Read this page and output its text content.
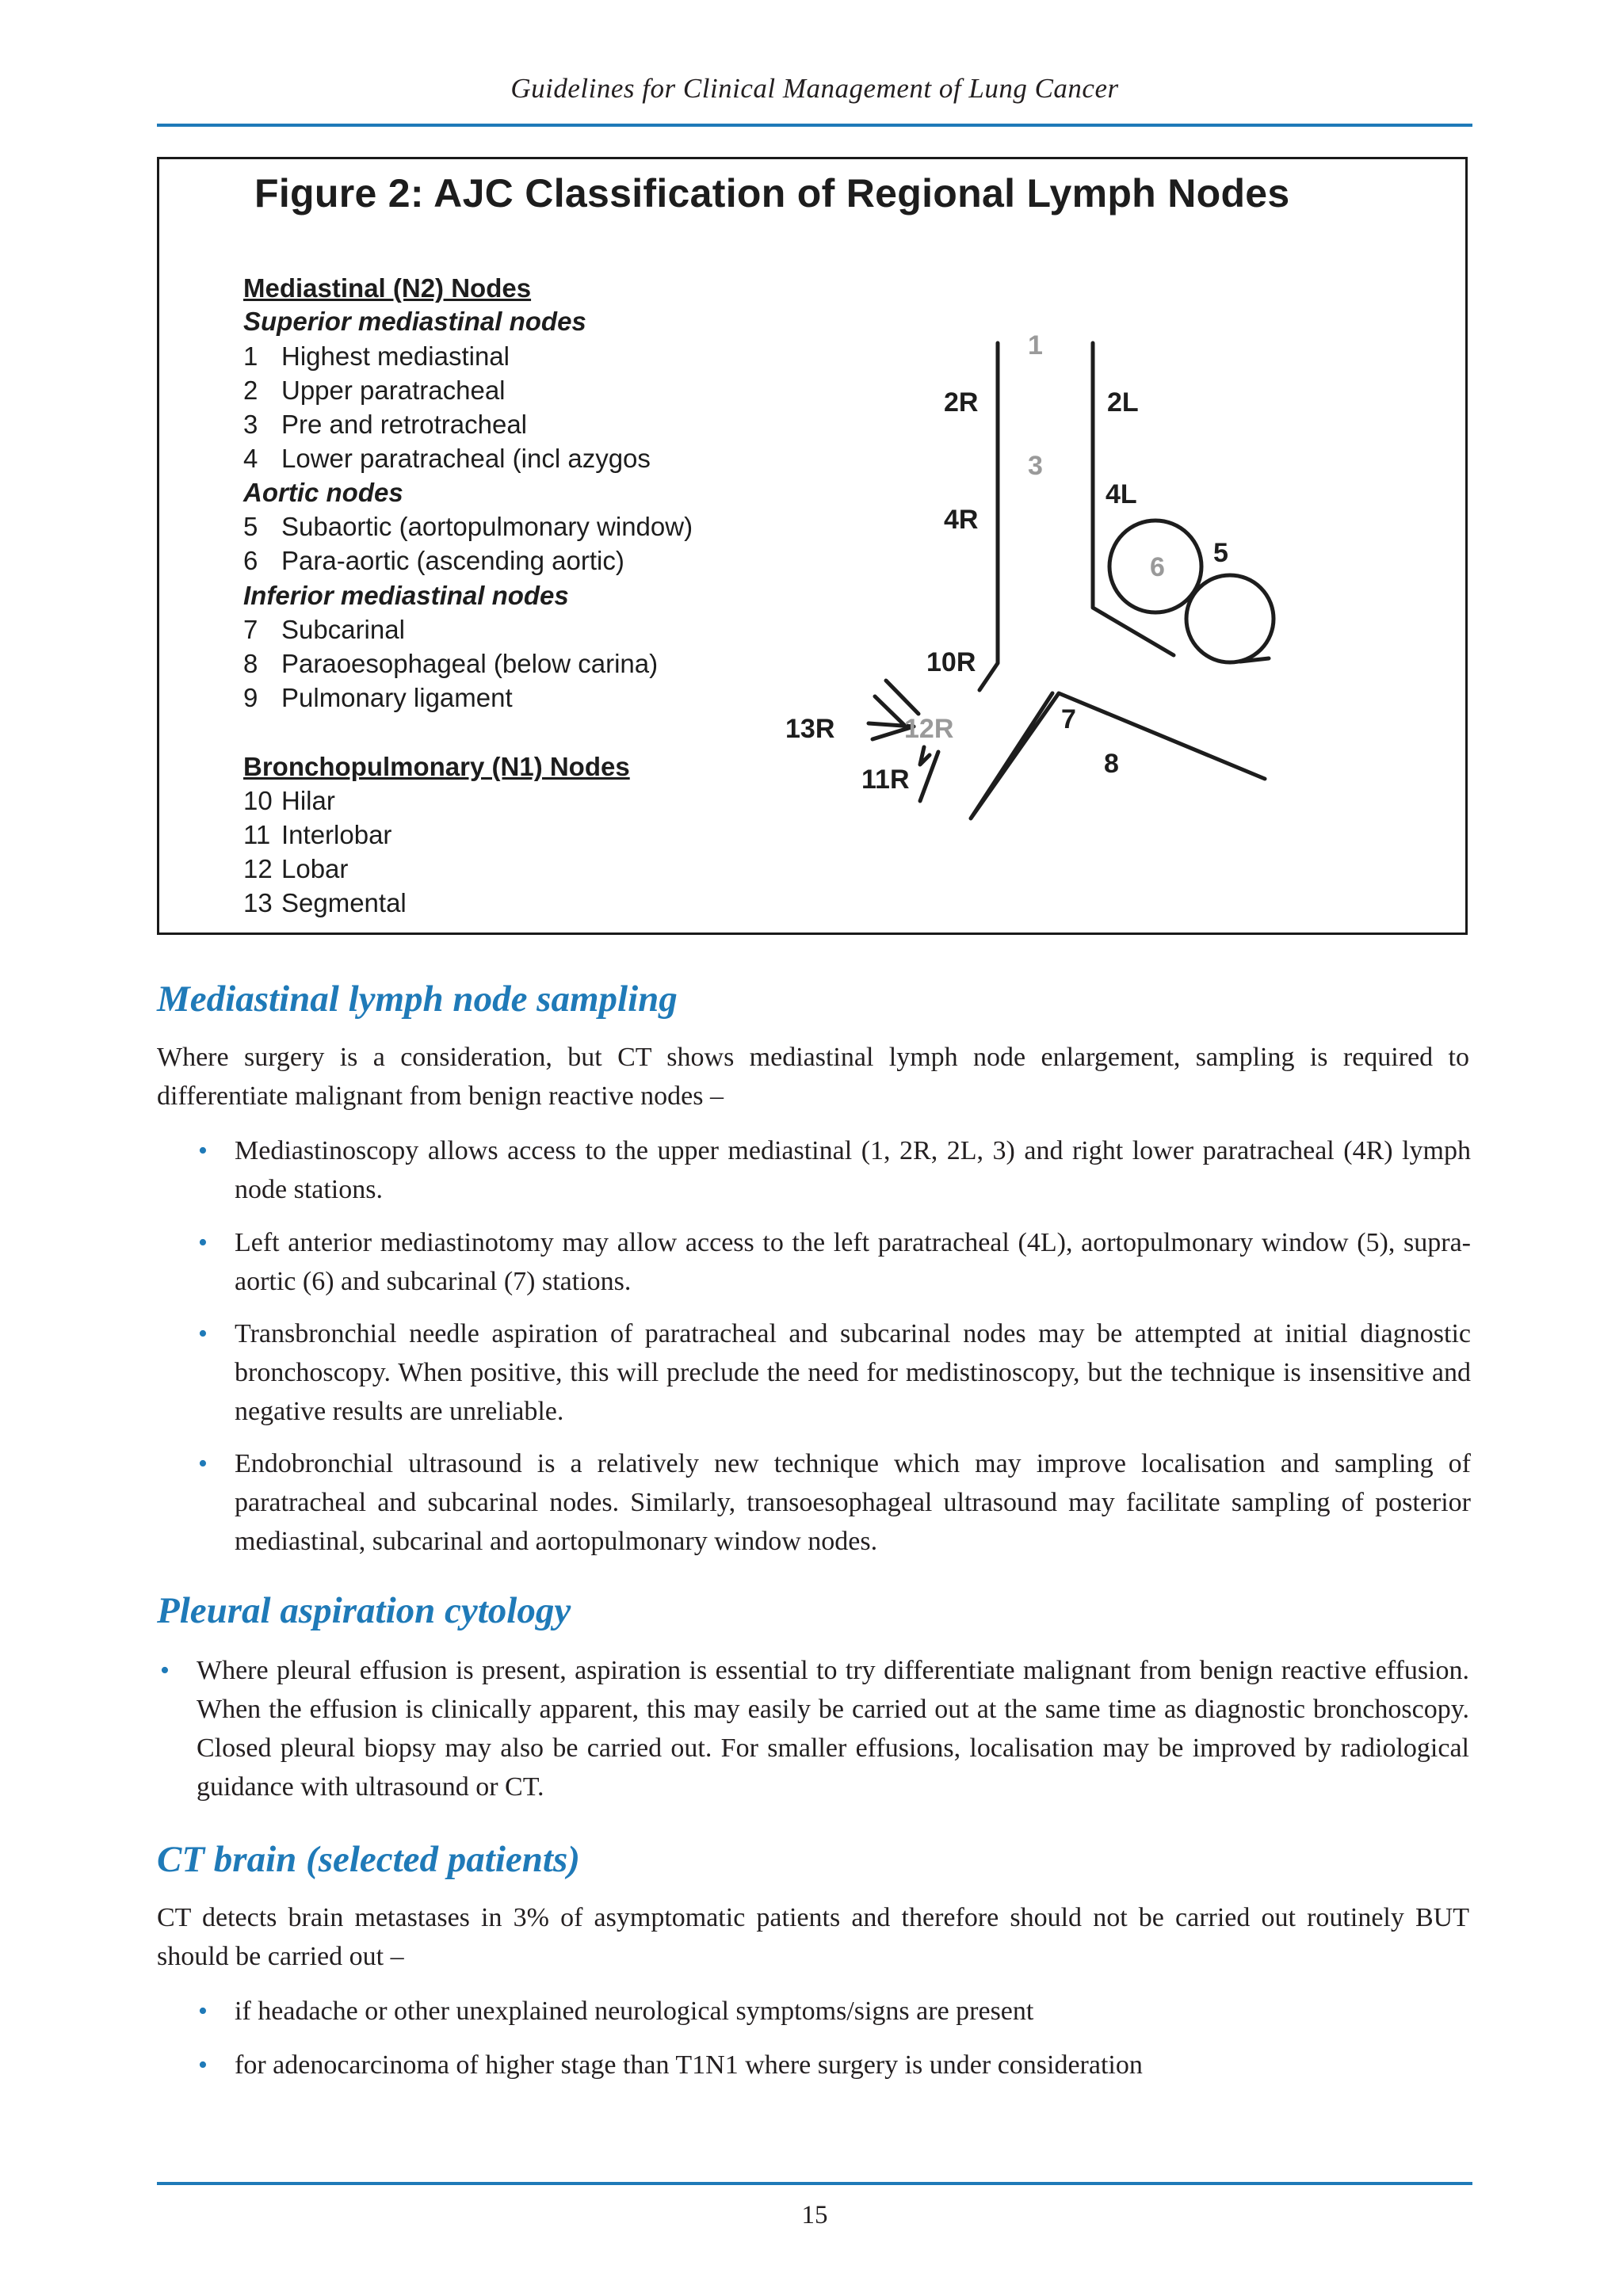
Guidelines for Clinical Management of Lung Cancer
Figure 2: AJC Classification of Regional Lymph Nodes
Mediastinal (N2) Nodes
Superior mediastinal nodes
1 Highest mediastinal
2 Upper paratracheal
3 Pre and retrotracheal
4 Lower paratracheal (incl azygos
Aortic nodes
5 Subaortic (aortopulmonary window)
6 Para-aortic (ascending aortic)
Inferior mediastinal nodes
7 Subcarinal
8 Paraoesophageal (below carina)
9 Pulmonary ligament
Bronchopulmonary (N1) Nodes
10 Hilar
11 Interlobar
12 Lobar
13 Segmental
1
2R	2L
3
4R
4L
6 5
10R
7
8
13R	12R
11R
Mediastinal lymph node sampling
Where surgery is a consideration, but CT shows mediastinal lymph node enlargement, sampling is required to differentiate malignant from benign reactive nodes –
• Mediastinoscopy allows access to the upper mediastinal (1, 2R, 2L, 3) and right lower paratracheal (4R) lymph node stations.
• Left anterior mediastinotomy may allow access to the left paratracheal (4L), aortopulmonary window (5), supra-aortic (6) and subcarinal (7) stations.
• Transbronchial needle aspiration of paratracheal and subcarinal nodes may be attempted at initial diagnostic bronchoscopy. When positive, this will preclude the need for medistinoscopy, but the technique is insensitive and negative results are unreliable.
• Endobronchial ultrasound is a relatively new technique which may improve localisation and sampling of paratracheal and subcarinal nodes. Similarly, transoesophageal ultrasound may facilitate sampling of posterior mediastinal, subcarinal and aortopulmonary window nodes.
Pleural aspiration cytology
• Where pleural effusion is present, aspiration is essential to try differentiate malignant from benign reactive effusion. When the effusion is clinically apparent, this may easily be carried out at the same time as diagnostic bronchoscopy. Closed pleural biopsy may also be carried out. For smaller effusions, localisation may be improved by radiological guidance with ultrasound or CT.
CT brain (selected patients)
CT detects brain metastases in 3% of asymptomatic patients and therefore should not be carried out routinely BUT should be carried out –
• if headache or other unexplained neurological symptoms/signs are present
• for adenocarcinoma of higher stage than T1N1 where surgery is under consideration
15
